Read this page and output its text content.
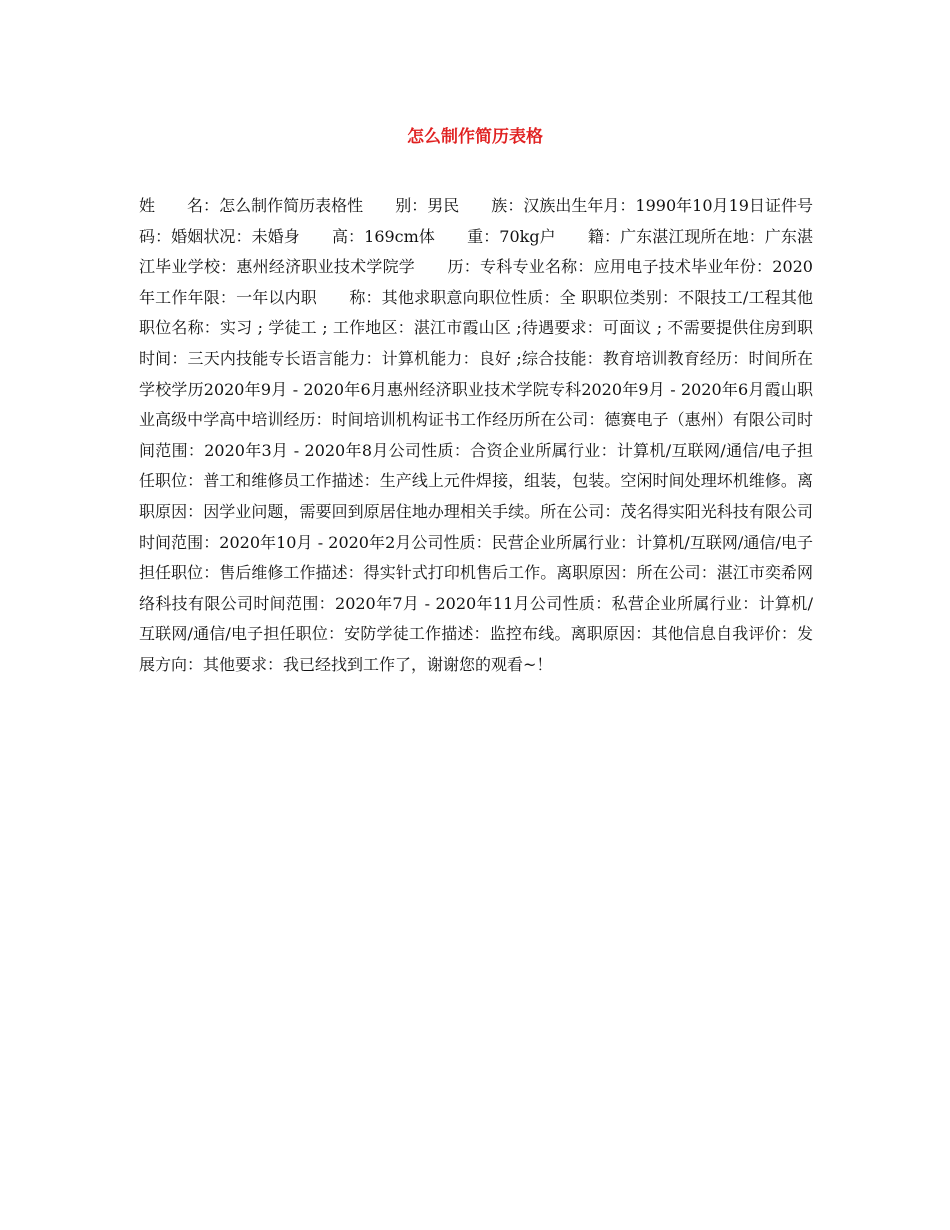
怎么制作简历表格
姓　　名：怎么制作简历表格性　　别：男民　　族：汉族出生年月：1990年10月19日证件号码：婚姻状况：未婚身　　高：169cm体　　重：70kg户　　籍：广东湛江现所在地：广东湛江毕业学校：惠州经济职业技术学院学　　历：专科专业名称：应用电子技术毕业年份：2020年工作年限：一年以内职　　称：其他求职意向职位性质：全 职职位类别：不限技工/工程其他职位名称：实习 ; 学徒工 ; 工作地区：湛江市霞山区 ;待遇要求：可面议 ; 不需要提供住房到职时间：三天内技能专长语言能力：计算机能力：良好 ;综合技能：教育培训教育经历：时间所在学校学历2020年9月 - 2020年6月惠州经济职业技术学院专科2020年9月 - 2020年6月霞山职业高级中学高中培训经历：时间培训机构证书工作经历所在公司：德赛电子（惠州）有限公司时间范围：2020年3月 - 2020年8月公司性质：合资企业所属行业：计算机/互联网/通信/电子担任职位：普工和维修员工作描述：生产线上元件焊接，组装，包装。空闲时间处理坏机维修。离职原因：因学业问题，需要回到原居住地办理相关手续。所在公司：茂名得实阳光科技有限公司时间范围：2020年10月 - 2020年2月公司性质：民营企业所属行业：计算机/互联网/通信/电子担任职位：售后维修工作描述：得实针式打印机售后工作。离职原因：所在公司：湛江市奕希网络科技有限公司时间范围：2020年7月 - 2020年11月公司性质：私营企业所属行业：计算机/互联网/通信/电子担任职位：安防学徒工作描述：监控布线。离职原因：其他信息自我评价：发展方向：其他要求：我已经找到工作了，谢谢您的观看~！
